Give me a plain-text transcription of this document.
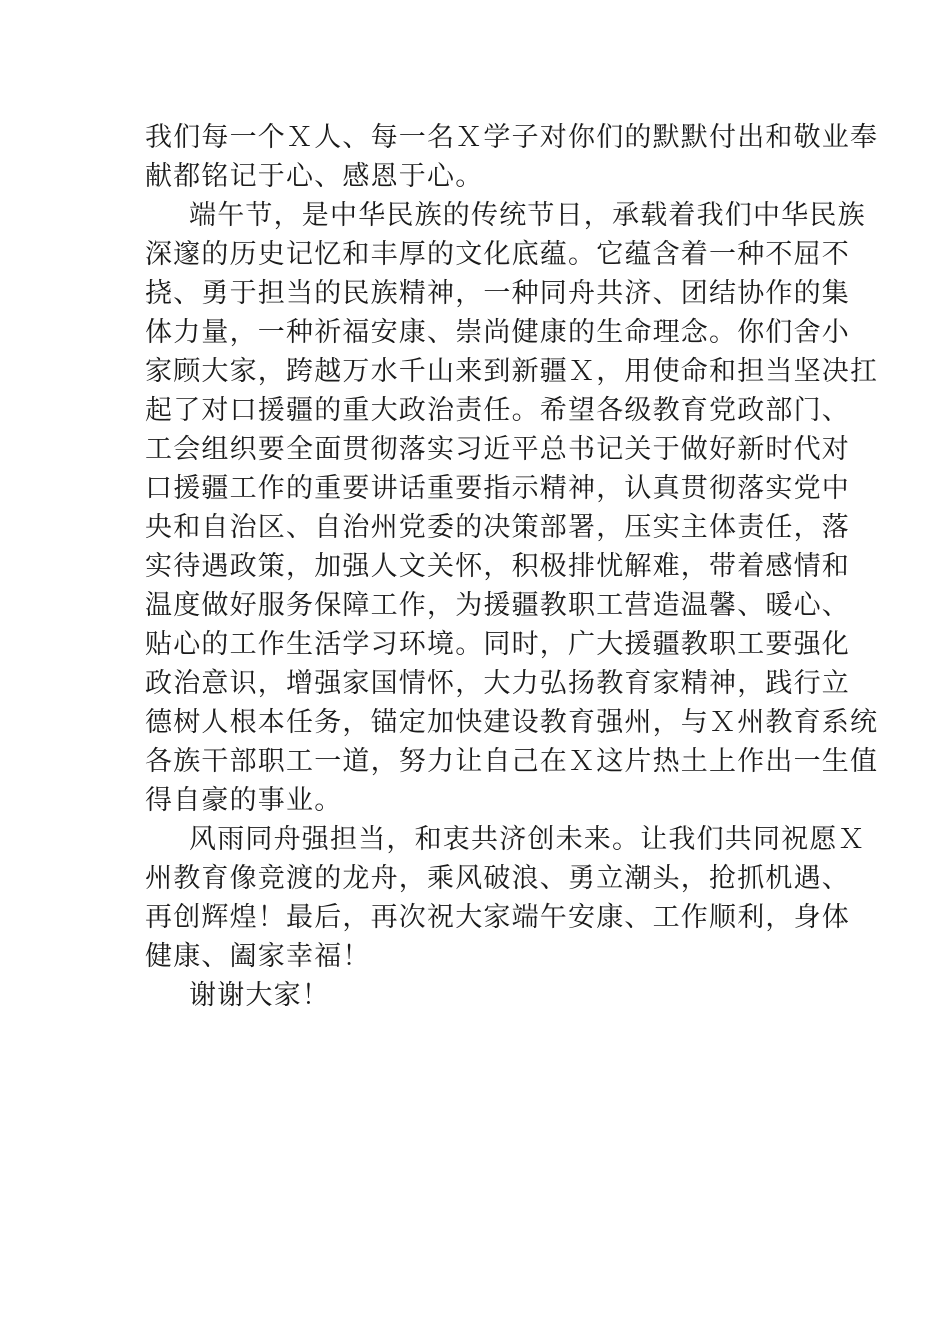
我们每一个Ｘ人、每一名Ｘ学子对你们的默默付出和敬业奉
献都铭记于心、感恩于心。
端午节，是中华民族的传统节日，承载着我们中华民族
深邃的历史记忆和丰厚的文化底蕴。它蕴含着一种不屈不
挠、勇于担当的民族精神，一种同舟共济、团结协作的集
体力量，一种祈福安康、崇尚健康的生命理念。你们舍小
家顾大家，跨越万水千山来到新疆Ｘ，用使命和担当坚决扛
起了对口援疆的重大政治责任。希望各级教育党政部门、
工会组织要全面贯彻落实习近平总书记关于做好新时代对
口援疆工作的重要讲话重要指示精神，认真贯彻落实党中
央和自治区、自治州党委的决策部署，压实主体责任，落
实待遇政策，加强人文关怀，积极排忧解难，带着感情和
温度做好服务保障工作，为援疆教职工营造温馨、暖心、
贴心的工作生活学习环境。同时，广大援疆教职工要强化
政治意识，增强家国情怀，大力弘扬教育家精神，践行立
德树人根本任务，锚定加快建设教育强州，与Ｘ州教育系统
各族干部职工一道，努力让自己在Ｘ这片热土上作出一生值
得自豪的事业。
风雨同舟强担当，和衷共济创未来。让我们共同祝愿Ｘ
州教育像竞渡的龙舟，乘风破浪、勇立潮头，抢抓机遇、
再创辉煌！最后，再次祝大家端午安康、工作顺利，身体
健康、阖家幸福！
谢谢大家！
